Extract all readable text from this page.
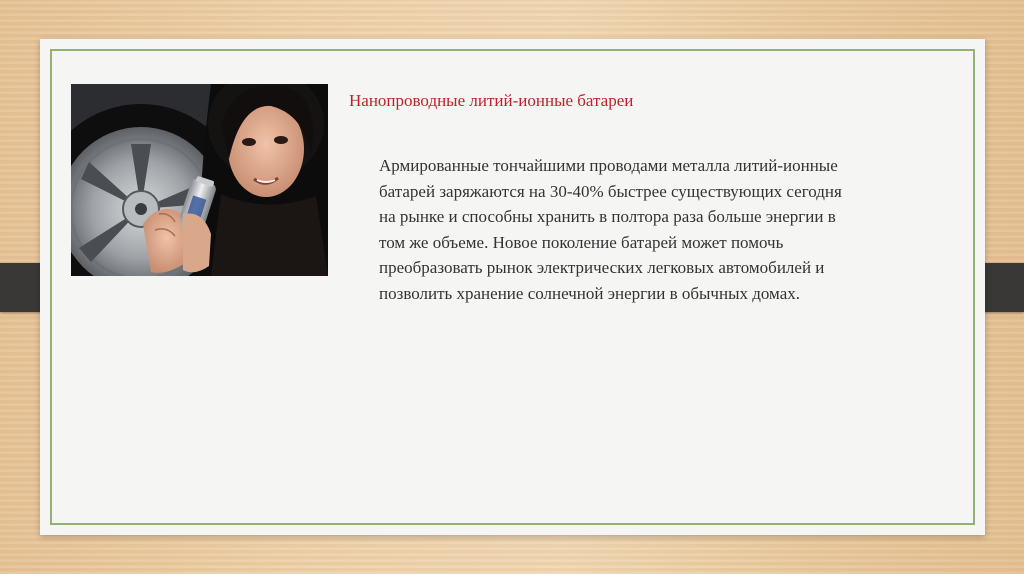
Нанопроводные литий-ионные батареи

Армированные тончайшими проводами металла литий-ионные батарей заряжаются на 30-40% быстрее существующих сегодня на рынке и способны хранить в полтора раза больше энергии в том же объеме. Новое поколение батарей может помочь преобразовать рынок электрических легковых автомобилей и позволить хранение солнечной энергии в обычных домах.
